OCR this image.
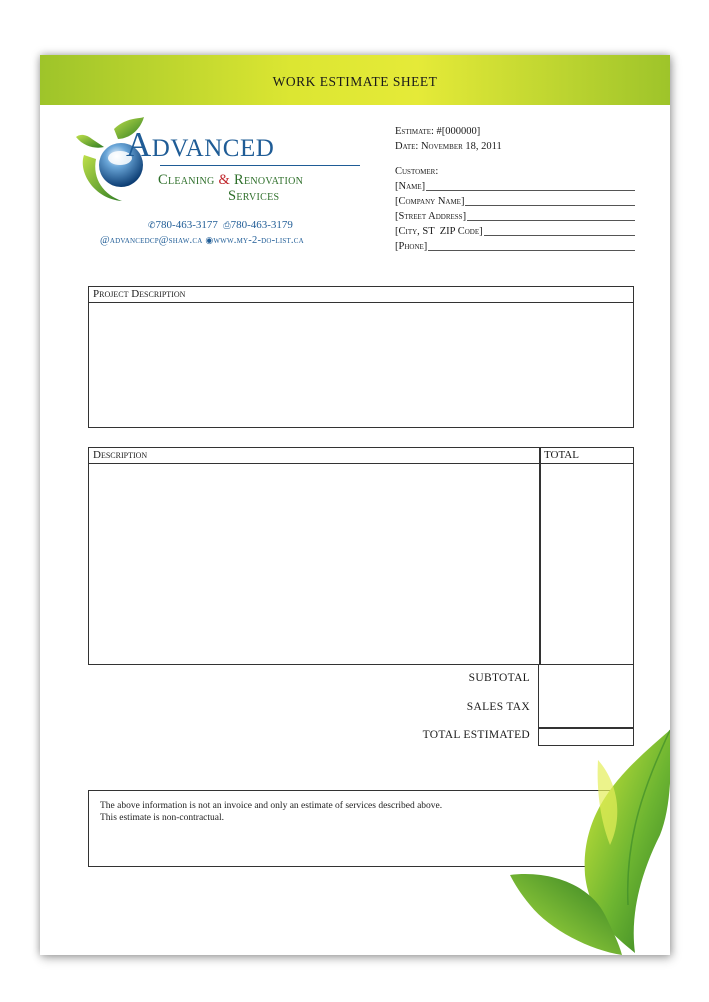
WORK ESTIMATE SHEET
Advanced
Cleaning & Renovation
Services
✆780-463-3177 ⎙780-463-3179
@advancedcp@shaw.ca ◉www.my-2-do-list.ca
Estimate: #[000000]
Date: November 18, 2011
Customer:
[Name]
[Company Name]
[Street Address]
[City, ST  ZIP Code]
[Phone]
Project Description
Description	TOTAL
SUBTOTAL
SALES TAX
TOTAL ESTIMATED
The above information is not an invoice and only an estimate of services described above.
This estimate is non-contractual.
